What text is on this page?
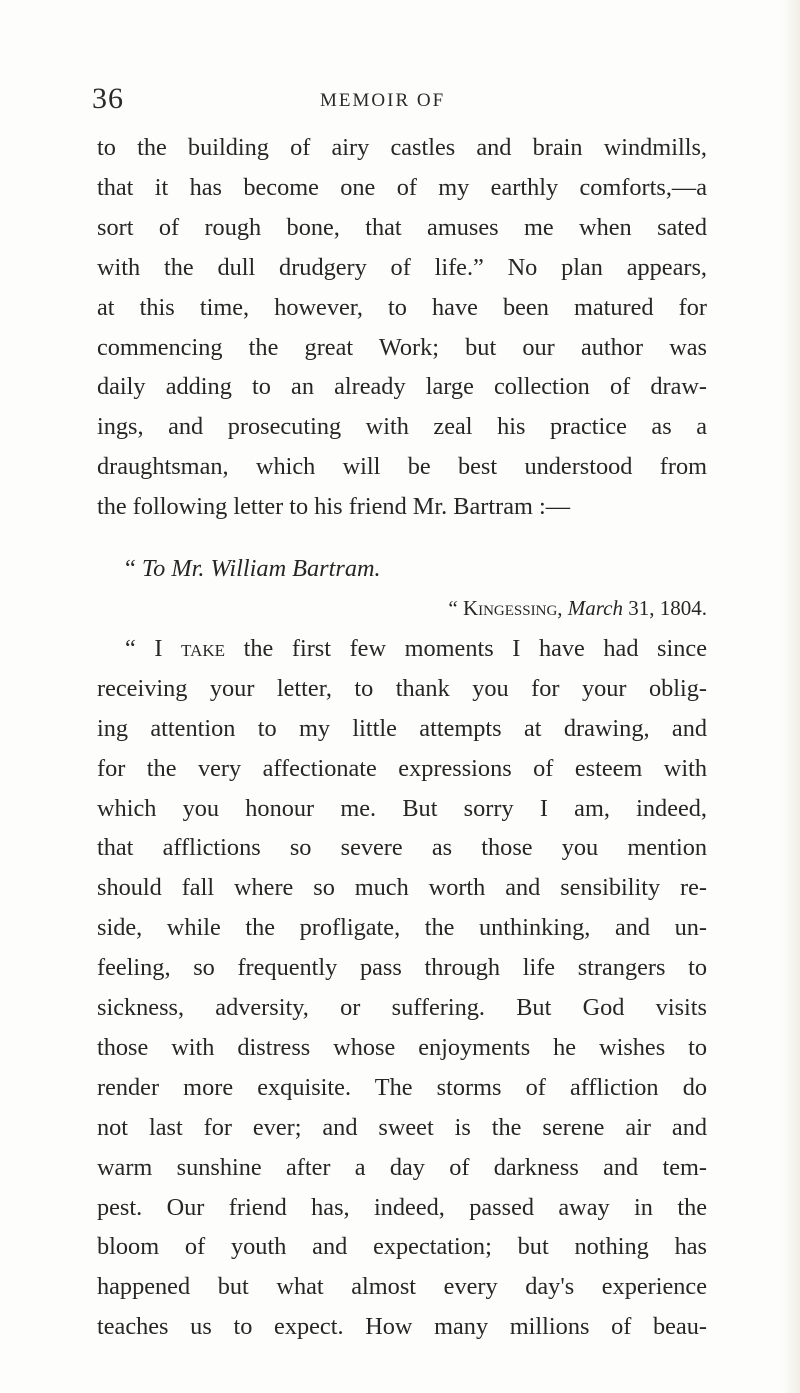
36	MEMOIR OF
to the building of airy castles and brain windmills,
that it has become one of my earthly comforts,—a
sort of rough bone, that amuses me when sated
with the dull drudgery of life.” No plan appears,
at this time, however, to have been matured for
commencing the great Work; but our author was
daily adding to an already large collection of draw-
ings, and prosecuting with zeal his practice as a
draughtsman, which will be best understood from
the following letter to his friend Mr. Bartram :—
“ To Mr. William Bartram.
“ Kingessing, March 31, 1804.
“ I take the first few moments I have had since
receiving your letter, to thank you for your oblig-
ing attention to my little attempts at drawing, and
for the very affectionate expressions of esteem with
which you honour me. But sorry I am, indeed,
that afflictions so severe as those you mention
should fall where so much worth and sensibility re-
side, while the profligate, the unthinking, and un-
feeling, so frequently pass through life strangers to
sickness, adversity, or suffering. But God visits
those with distress whose enjoyments he wishes to
render more exquisite. The storms of affliction do
not last for ever; and sweet is the serene air and
warm sunshine after a day of darkness and tem-
pest. Our friend has, indeed, passed away in the
bloom of youth and expectation; but nothing has
happened but what almost every day's experience
teaches us to expect. How many millions of beau-
